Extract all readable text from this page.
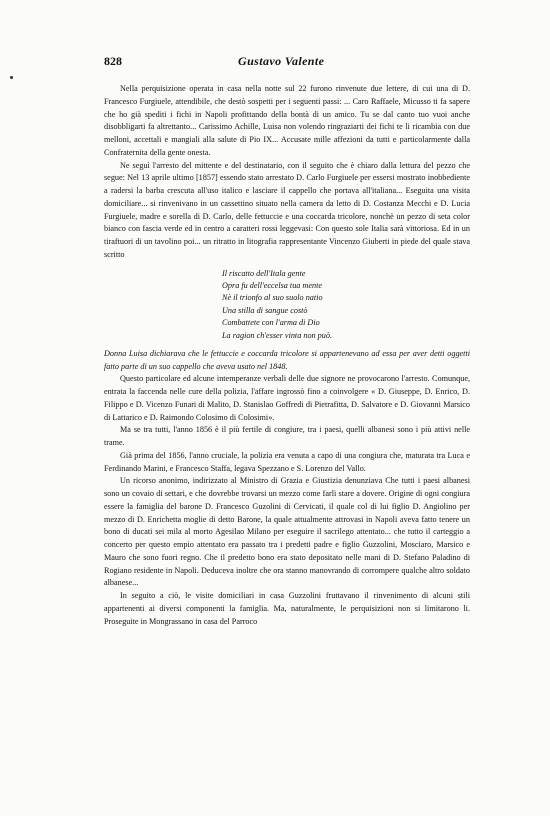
828	Gustavo Valente

Nella perquisizione operata in casa nella notte sul 22 furono rinvenute due lettere, di cui una di D. Francesco Furgiuele, attendibile, che destò sospetti per i seguenti passi: ... Caro Raffaele, Micusso ti fa sapere che ho già spediti i fichi in Napoli profittando della bontà di un amico. Tu se dal canto tuo vuoi anche disobbligarti fa altrettanto... Carissimo Achille, Luisa non volendo ringraziarti dei fichi te li ricambia con due melloni, accettali e mangiali alla salute di Pio IX... Accusate mille affezioni da tutti e particolarmente dalla Confraternita della gente onesta.

Ne seguì l'arresto del mittente e del destinatario, con il seguito che è chiaro dalla lettura del pezzo che segue: Nel 13 aprile ultimo [1857] essendo stato arrestato D. Carlo Furgiuele per essersi mostrato inobbediente a radersi la barba crescuta all'uso italico e lasciare il cappello che portava all'italiana... Eseguita una visita domiciliare... si rinvenivano in un cassettino situato nella camera da letto di D. Costanza Mecchi e D. Lucia Furgiuele, madre e sorella di D. Carlo, delle fettuccie e una coccarda tricolore, nonchè un pezzo di seta color bianco con fascia verde ed in centro a caratteri rossi leggevasi: Con questo sole Italia sarà vittoriosa. Ed in un tiraftuori di un tavolino poi... un ritratto in litografia rappresentante Vincenzo Giuberti in piede del quale stava scritto

Il riscatto dell'Itala gente
Opra fu dell'eccelsa tua mente
Nè il trionfo al suo suolo natio
Una stilla di sangue costò
Combattete con l'arma di Dio
La ragion ch'esser vinta non può.

Donna Luisa dichiarava che le fettuccie e coccarda tricolore si appartenevano ad essa per aver detti oggetti fatto parte di un suo cappello che aveva usato nel 1848.

Questo particolare ed alcune intemperanze verbali delle due signore ne provocarono l'arresto. Comunque, entrata la faccenda nelle cure della polizia, l'affare ingrossò fino a coinvolgere « D. Giuseppe, D. Enrico, D. Filippo e D. Vicenzo Funari di Malito, D. Stanislao Goffredi di Pietrafitta, D. Salvatore e D. Giovanni Marsico di Lattarico e D. Raimondo Colosimo di Colosimi».

Ma se tra tutti, l'anno 1856 è il più fertile di congiure, tra i paesi, quelli albanesi sono i più attivi nelle trame.

Già prima del 1856, l'anno cruciale, la polizia era venuta a capo di una congiura che, maturata tra Luca e Ferdinando Marini, e Francesco Staffa, legava Spezzano e S. Lorenzo del Vallo.

Un ricorso anonimo, indirizzato al Ministro di Grazia e Giustizia denunziava Che tutti i paesi albanesi sono un covaio di settari, e che dovrebbe trovarsi un mezzo come farli stare a dovere. Origine di ogni congiura essere la famiglia del barone D. Francesco Guzolini di Cervicati, il quale col di lui figlio D. Angiolino per mezzo di D. Enrichetta moglie di detto Barone, la quale attualmente attrovasi in Napoli aveva fatto tenere un bono di ducati sei mila al morto Agesilao Milano per eseguire il sacrilego attentato... che tutto il carteggio a concerto per questo empio attentato era passato tra i predetti padre e figlio Guzzolini, Mosciaro, Marsico e Mauro che sono fuori regno. Che il predetto bono era stato depositato nelle mani di D. Stefano Paladino di Rogiano residente in Napoli. Deduceva inoltre che ora stanno manovrando di corrompere qualche altro soldato albanese...

In seguito a ciò, le visite domiciliari in casa Guzzolini fruttavano il rinvenimento di alcuni stili appartenenti ai diversi componenti la famiglia. Ma, naturalmente, le perquisizioni non si limitarono li. Proseguite in Mongrassano in casa del Parroco
